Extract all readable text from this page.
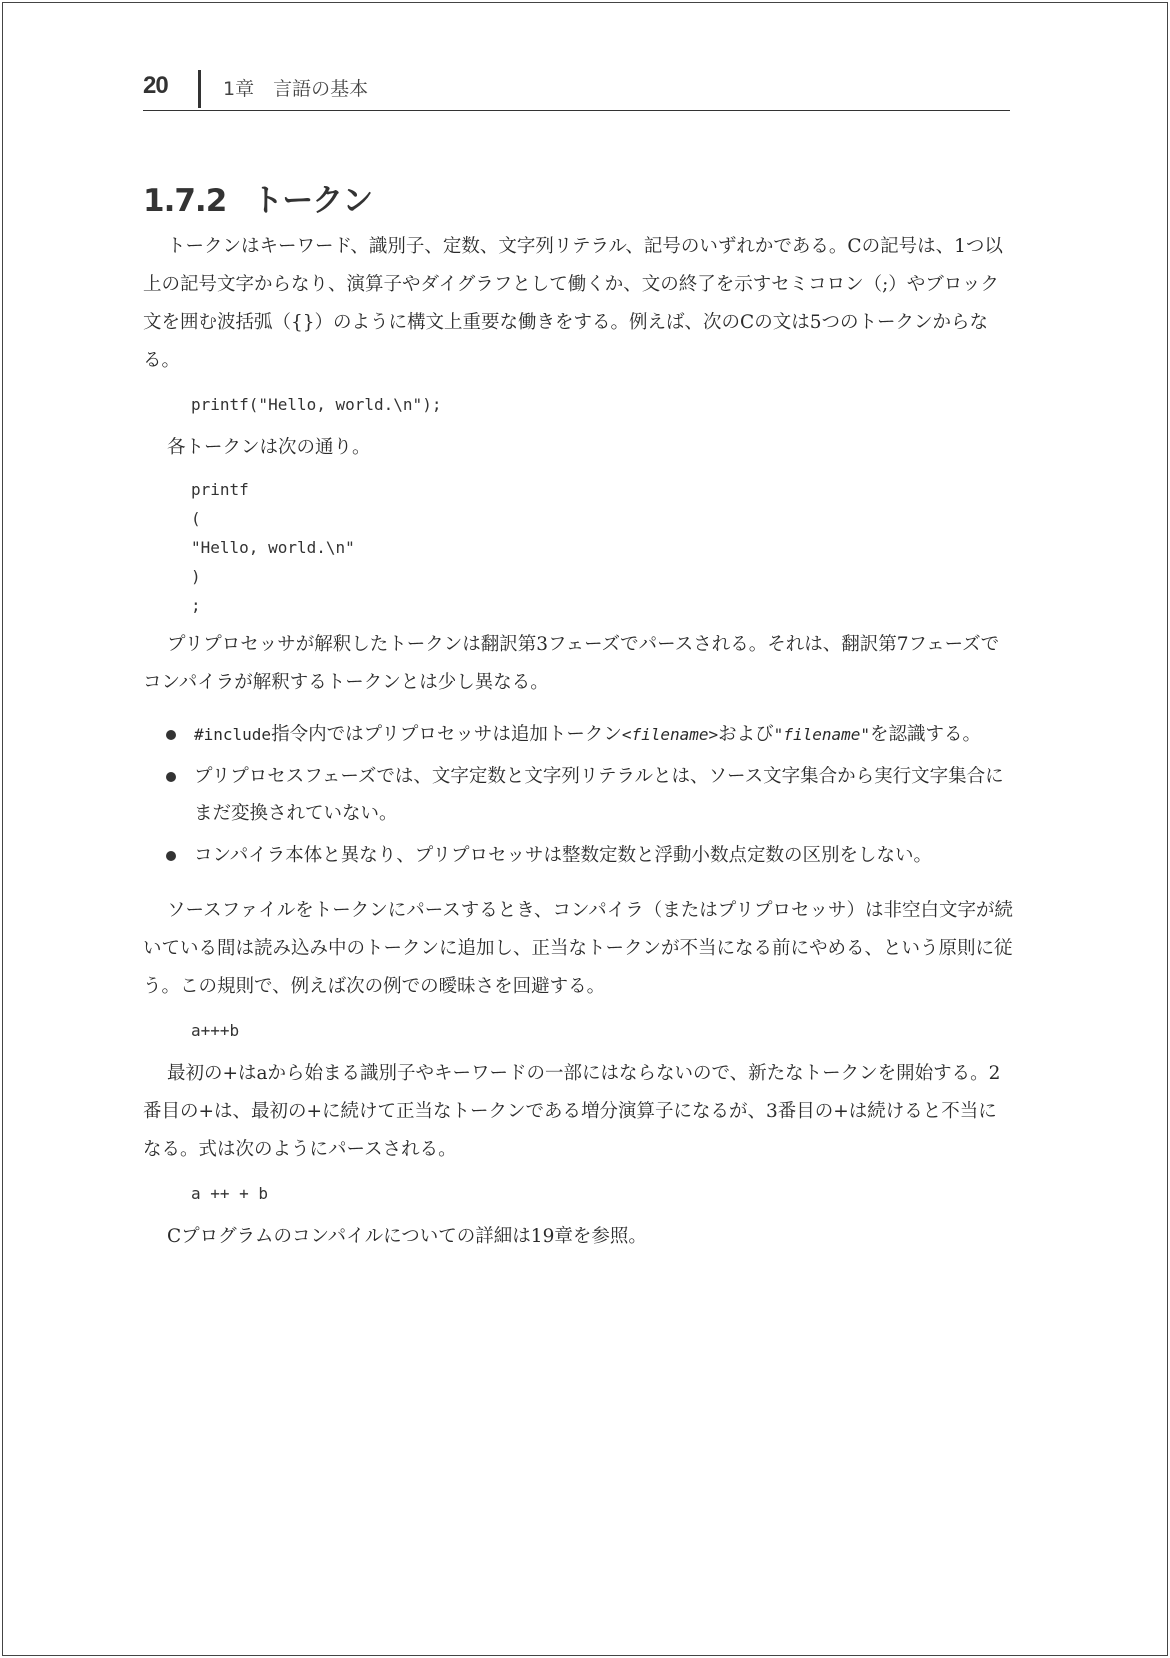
20	1章　言語の基本
1.7.2 トークン

トークンはキーワード、識別子、定数、文字列リテラル、記号のいずれかである。Cの記号は、1つ以上の記号文字からなり、演算子やダイグラフとして働くか、文の終了を示すセミコロン（;）やブロック文を囲む波括弧（{}）のように構文上重要な働きをする。例えば、次のCの文は5つのトークンからなる。

printf("Hello, world.\n");

各トークンは次の通り。

printf
(
"Hello, world.\n"
)
;

プリプロセッサが解釈したトークンは翻訳第3フェーズでパースされる。それは、翻訳第7フェーズでコンパイラが解釈するトークンとは少し異なる。

#include指令内ではプリプロセッサは追加トークン<filename>および"filename"を認識する。
プリプロセスフェーズでは、文字定数と文字列リテラルとは、ソース文字集合から実行文字集合にまだ変換されていない。
コンパイラ本体と異なり、プリプロセッサは整数定数と浮動小数点定数の区別をしない。

ソースファイルをトークンにパースするとき、コンパイラ（またはプリプロセッサ）は非空白文字が続いている間は読み込み中のトークンに追加し、正当なトークンが不当になる前にやめる、という原則に従う。この規則で、例えば次の例での曖昧さを回避する。

a+++b

最初の+はaから始まる識別子やキーワードの一部にはならないので、新たなトークンを開始する。2番目の+は、最初の+に続けて正当なトークンである増分演算子になるが、3番目の+は続けると不当になる。式は次のようにパースされる。

a ++ + b

Cプログラムのコンパイルについての詳細は19章を参照。
